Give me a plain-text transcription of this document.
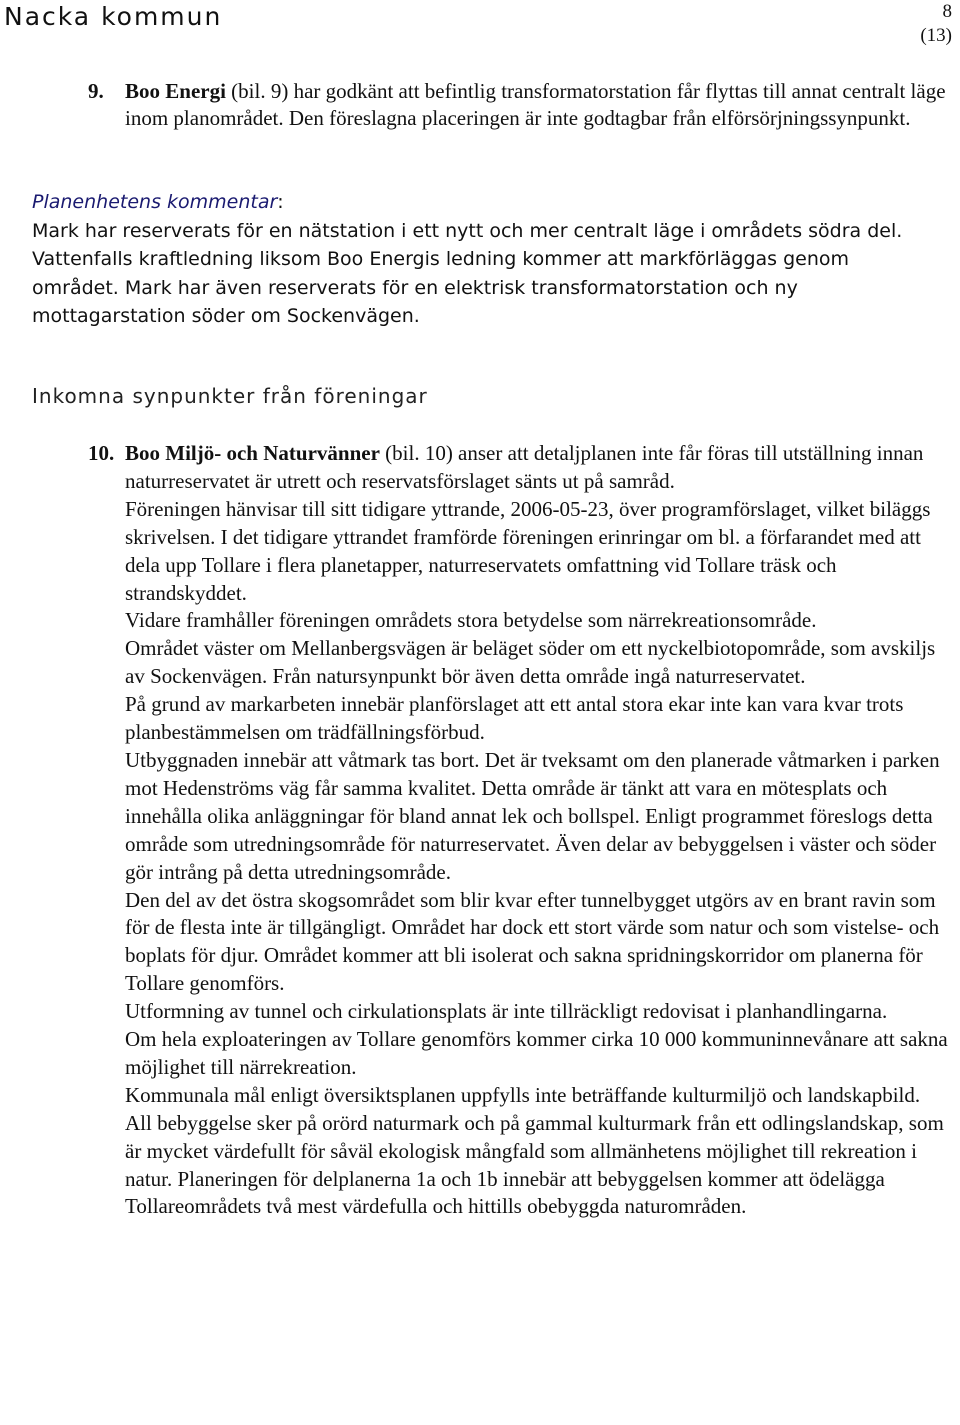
Nacka kommun	8
(13)
9. Boo Energi (bil. 9) har godkänt att befintlig transformatorstation får flyttas till annat centralt läge inom planområdet. Den föreslagna placeringen är inte godtagbar från elförsörjningssynpunkt.
Planenhetens kommentar:
Mark har reserverats för en nätstation i ett nytt och mer centralt läge i områdets södra del. Vattenfalls kraftledning liksom Boo Energis ledning kommer att markförläggas genom området. Mark har även reserverats för en elektrisk transformatorstation och ny mottagarstation söder om Sockenvägen.
Inkomna synpunkter från föreningar
10. Boo Miljö- och Naturvänner (bil. 10) anser att detaljplanen inte får föras till utställning innan naturreservatet är utrett och reservatsförslaget sänts ut på samråd.

Föreningen hänvisar till sitt tidigare yttrande, 2006-05-23, över programförslaget, vilket biläggs skrivelsen. I det tidigare yttrandet framförde föreningen erinringar om bl. a förfarandet med att dela upp Tollare i flera planetapper, naturreservatets omfattning vid Tollare träsk och strandskyddet.

Vidare framhåller föreningen områdets stora betydelse som närrekreationsområde.

Området väster om Mellanbergsvägen är beläget söder om ett nyckelbiotopområde, som avskiljs av Sockenvägen. Från natursynpunkt bör även detta område ingå naturreservatet.

På grund av markarbeten innebär planförslaget att ett antal stora ekar inte kan vara kvar trots planbestämmelsen om trädfällningsförbud.

Utbyggnaden innebär att våtmark tas bort. Det är tveksamt om den planerade våtmarken i parken mot Hedenströms väg får samma kvalitet. Detta område är tänkt att vara en mötesplats och innehålla olika anläggningar för bland annat lek och bollspel. Enligt programmet föreslogs detta område som utredningsområde för naturreservatet. Även delar av bebyggelsen i väster och söder gör intrång på detta utredningsområde.

Den del av det östra skogsområdet som blir kvar efter tunnelbygget utgörs av en brant ravin som för de flesta inte är tillgängligt. Området har dock ett stort värde som natur och som vistelse- och boplats för djur. Området kommer att bli isolerat och sakna spridningskorridor om planerna för Tollare genomförs.

Utformning av tunnel och cirkulationsplats är inte tillräckligt redovisat i planhandlingarna.

Om hela exploateringen av Tollare genomförs kommer cirka 10 000 kommuninnevånare att sakna möjlighet till närrekreation.

Kommunala mål enligt översiktsplanen uppfylls inte beträffande kulturmiljö och landskapbild.

All bebyggelse sker på orörd naturmark och på gammal kulturmark från ett odlingslandskap, som är mycket värdefullt för såväl ekologisk mångfald som allmänhetens möjlighet till rekreation i natur. Planeringen för delplanerna 1a och 1b innebär att bebyggelsen kommer att ödelägga Tollareområdets två mest värdefulla och hittills obebyggda naturområden.
